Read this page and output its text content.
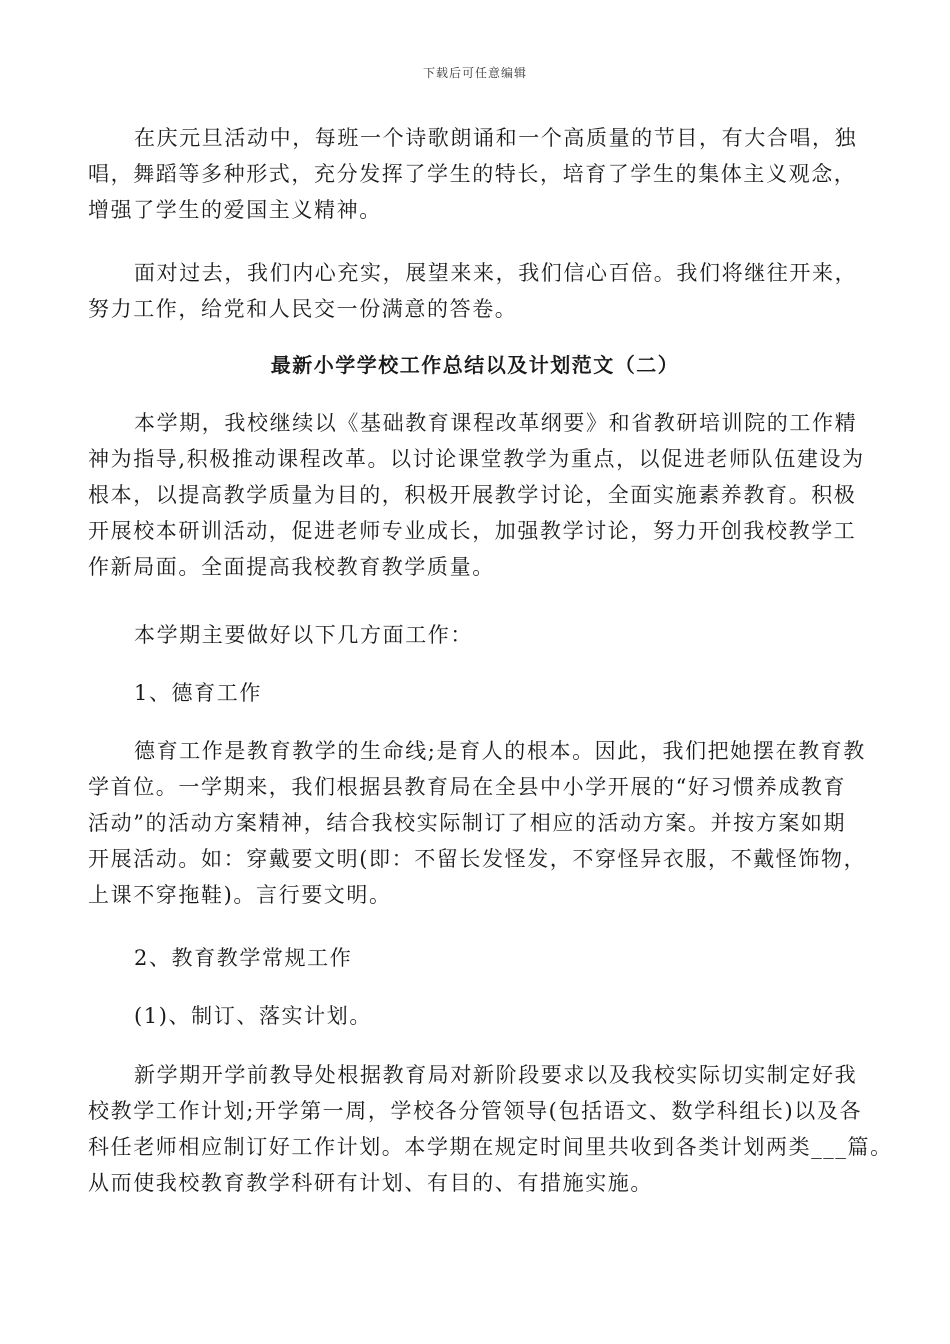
下载后可任意编辑
在庆元旦活动中，每班一个诗歌朗诵和一个高质量的节目，有大合唱，独
唱，舞蹈等多种形式，充分发挥了学生的特长，培育了学生的集体主义观念，
增强了学生的爱国主义精神。
面对过去，我们内心充实，展望来来，我们信心百倍。我们将继往开来，
努力工作，给党和人民交一份满意的答卷。
最新小学学校工作总结以及计划范文（二）
本学期，我校继续以《基础教育课程改革纲要》和省教研培训院的工作精
神为指导,积极推动课程改革。以讨论课堂教学为重点，以促进老师队伍建设为
根本，以提高教学质量为目的，积极开展教学讨论，全面实施素养教育。积极
开展校本研训活动，促进老师专业成长，加强教学讨论，努力开创我校教学工
作新局面。全面提高我校教育教学质量。
本学期主要做好以下几方面工作：
1、德育工作
德育工作是教育教学的生命线;是育人的根本。因此，我们把她摆在教育教
学首位。一学期来，我们根据县教育局在全县中小学开展的“好习惯养成教育
活动”的活动方案精神，结合我校实际制订了相应的活动方案。并按方案如期
开展活动。如：穿戴要文明(即：不留长发怪发，不穿怪异衣服，不戴怪饰物，
上课不穿拖鞋)。言行要文明。
2、教育教学常规工作
(1)、制订、落实计划。
新学期开学前教导处根据教育局对新阶段要求以及我校实际切实制定好我
校教学工作计划;开学第一周，学校各分管领导(包括语文、数学科组长)以及各
科任老师相应制订好工作计划。本学期在规定时间里共收到各类计划两类___篇。
从而使我校教育教学科研有计划、有目的、有措施实施。
